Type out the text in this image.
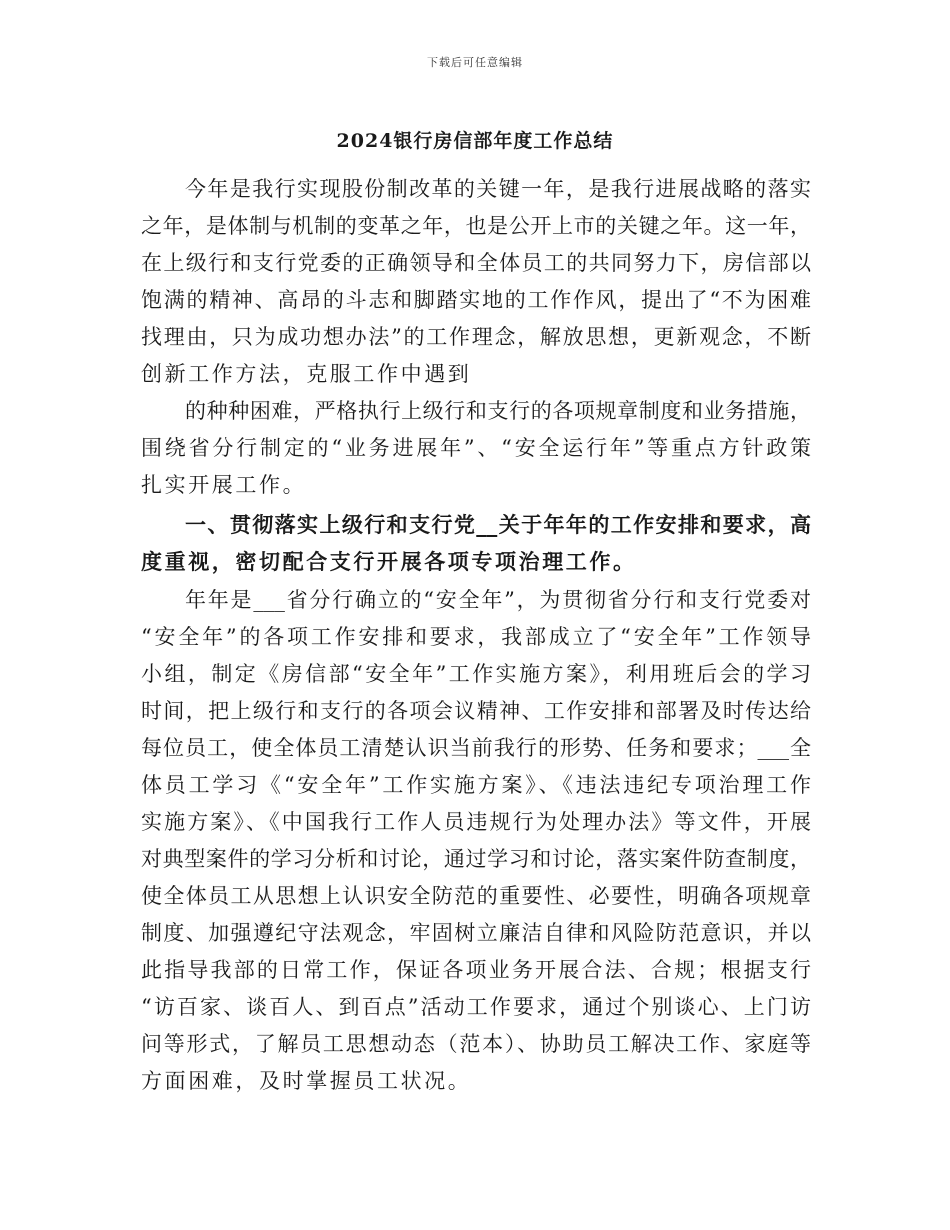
下载后可任意编辑
2024银行房信部年度工作总结
今年是我行实现股份制改革的关键一年，是我行进展战略的落实
之年，是体制与机制的变革之年，也是公开上市的关键之年。这一年，
在上级行和支行党委的正确领导和全体员工的共同努力下，房信部以
饱满的精神、高昂的斗志和脚踏实地的工作作风，提出了“不为困难
找理由，只为成功想办法”的工作理念，解放思想，更新观念，不断
创新工作方法，克服工作中遇到
的种种困难，严格执行上级行和支行的各项规章制度和业务措施，
围绕省分行制定的“业务进展年”、“安全运行年”等重点方针政策
扎实开展工作。
一、贯彻落实上级行和支行党__关于年年的工作安排和要求，高
度重视，密切配合支行开展各项专项治理工作。
年年是___省分行确立的“安全年”，为贯彻省分行和支行党委对
“安全年”的各项工作安排和要求，我部成立了“安全年”工作领导
小组，制定《房信部“安全年”工作实施方案》，利用班后会的学习
时间，把上级行和支行的各项会议精神、工作安排和部署及时传达给
每位员工，使全体员工清楚认识当前我行的形势、任务和要求；___全
体员工学习《“安全年”工作实施方案》、《违法违纪专项治理工作
实施方案》、《中国我行工作人员违规行为处理办法》等文件，开展
对典型案件的学习分析和讨论，通过学习和讨论，落实案件防查制度，
使全体员工从思想上认识安全防范的重要性、必要性，明确各项规章
制度、加强遵纪守法观念，牢固树立廉洁自律和风险防范意识，并以
此指导我部的日常工作，保证各项业务开展合法、合规；根据支行
“访百家、谈百人、到百点”活动工作要求，通过个别谈心、上门访
问等形式，了解员工思想动态（范本）、协助员工解决工作、家庭等
方面困难，及时掌握员工状况。
